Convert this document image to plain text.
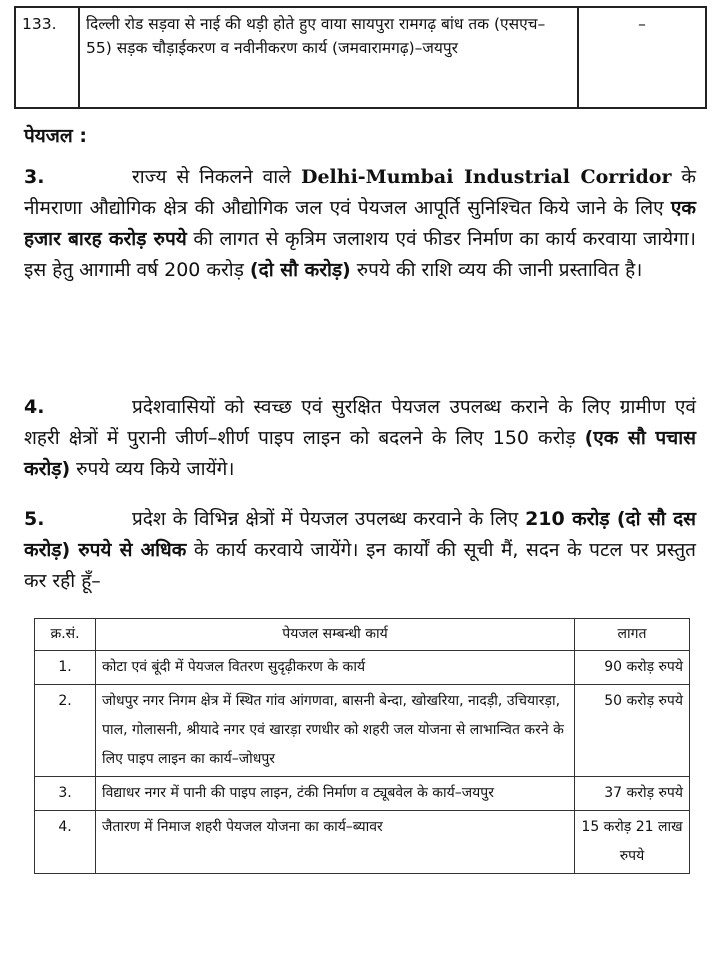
133.	दिल्ली रोड सड़वा से नाई की थड़ी होते हुए वाया सायपुरा रामगढ़ बांध तक (एसएच–55) सड़क चौड़ाईकरण व नवीनीकरण कार्य (जमवारामगढ़)–जयपुर	–
पेयजल :
3.	राज्य से निकलने वाले Delhi-Mumbai Industrial Corridor के नीमराणा औद्योगिक क्षेत्र की औद्योगिक जल एवं पेयजल आपूर्ति सुनिश्चित किये जाने के लिए एक हजार बारह करोड़ रुपये की लागत से कृत्रिम जलाशय एवं फीडर निर्माण का कार्य करवाया जायेगा। इस हेतु आगामी वर्ष 200 करोड़ (दो सौ करोड़) रुपये की राशि व्यय की जानी प्रस्तावित है।
4.	प्रदेशवासियों को स्वच्छ एवं सुरक्षित पेयजल उपलब्ध कराने के लिए ग्रामीण एवं शहरी क्षेत्रों में पुरानी जीर्ण–शीर्ण पाइप लाइन को बदलने के लिए 150 करोड़ (एक सौ पचास करोड़) रुपये व्यय किये जायेंगे।
5.	प्रदेश के विभिन्न क्षेत्रों में पेयजल उपलब्ध करवाने के लिए 210 करोड़ (दो सौ दस करोड़) रुपये से अधिक के कार्य करवाये जायेंगे। इन कार्यों की सूची मैं, सदन के पटल पर प्रस्तुत कर रही हूँ–
क्र.सं.	पेयजल सम्बन्धी कार्य	लागत
1.	कोटा एवं बूंदी में पेयजल वितरण सुदृढ़ीकरण के कार्य	90 करोड़ रुपये
2.	जोधपुर नगर निगम क्षेत्र में स्थित गांव आंगणवा, बासनी बेन्दा, खोखरिया, नादड़ी, उचियारड़ा, पाल, गोलासनी, श्रीयादे नगर एवं खारड़ा रणधीर को शहरी जल योजना से लाभान्वित करने के लिए पाइप लाइन का कार्य–जोधपुर	50 करोड़ रुपये
3.	विद्याधर नगर में पानी की पाइप लाइन, टंकी निर्माण व ट्यूबवेल के कार्य–जयपुर	37 करोड़ रुपये
4.	जैतारण में निमाज शहरी पेयजल योजना का कार्य–ब्यावर	15 करोड़ 21 लाख रुपये
